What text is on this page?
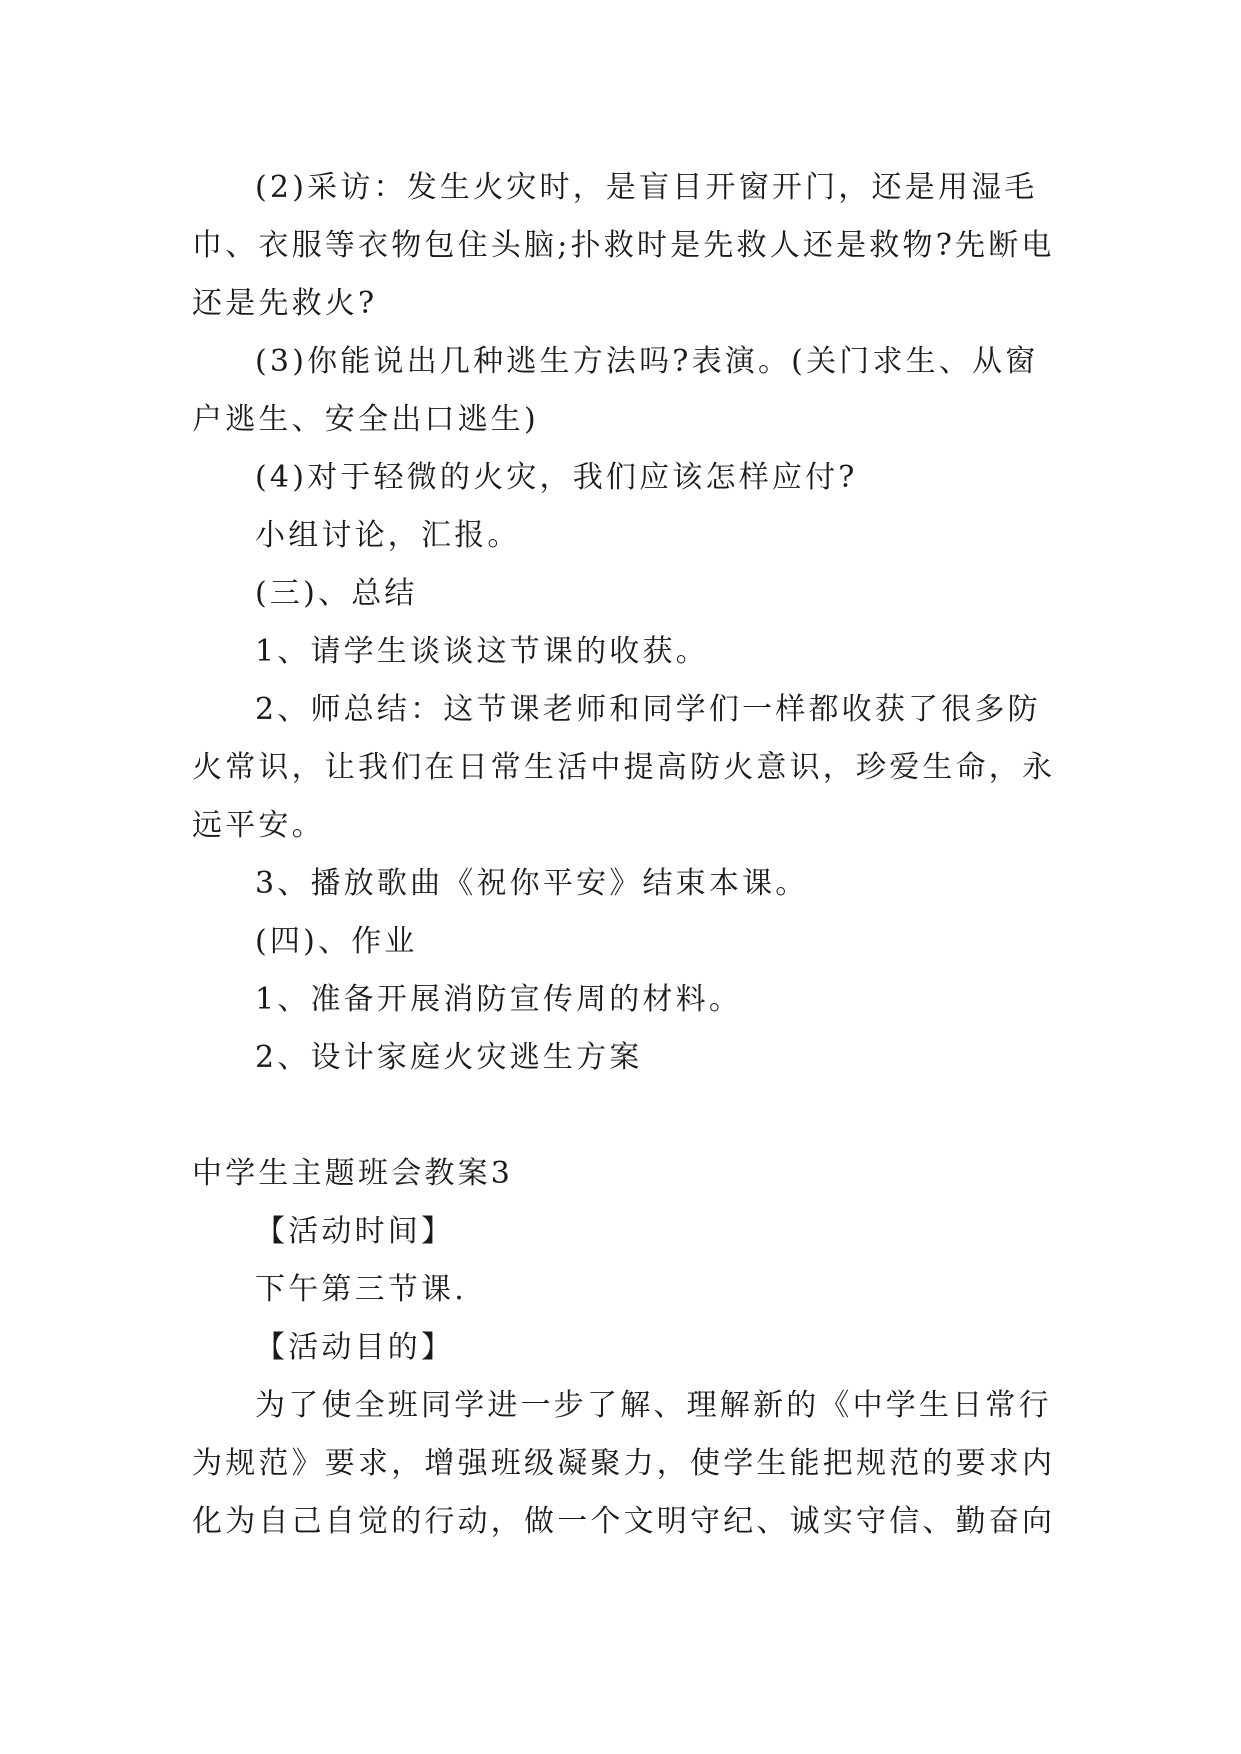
(2)采访：发生火灾时，是盲目开窗开门，还是用湿毛
巾、衣服等衣物包住头脑;扑救时是先救人还是救物?先断电
还是先救火?
(3)你能说出几种逃生方法吗?表演。(关门求生、从窗
户逃生、安全出口逃生)
(4)对于轻微的火灾，我们应该怎样应付?
小组讨论，汇报。
(三)、总结
1、请学生谈谈这节课的收获。
2、师总结：这节课老师和同学们一样都收获了很多防
火常识，让我们在日常生活中提高防火意识，珍爱生命，永
远平安。
3、播放歌曲《祝你平安》结束本课。
(四)、作业
1、准备开展消防宣传周的材料。
2、设计家庭火灾逃生方案
中学生主题班会教案3
【活动时间】
下午第三节课.
【活动目的】
为了使全班同学进一步了解、理解新的《中学生日常行
为规范》要求，增强班级凝聚力，使学生能把规范的要求内
化为自己自觉的行动，做一个文明守纪、诚实守信、勤奋向
